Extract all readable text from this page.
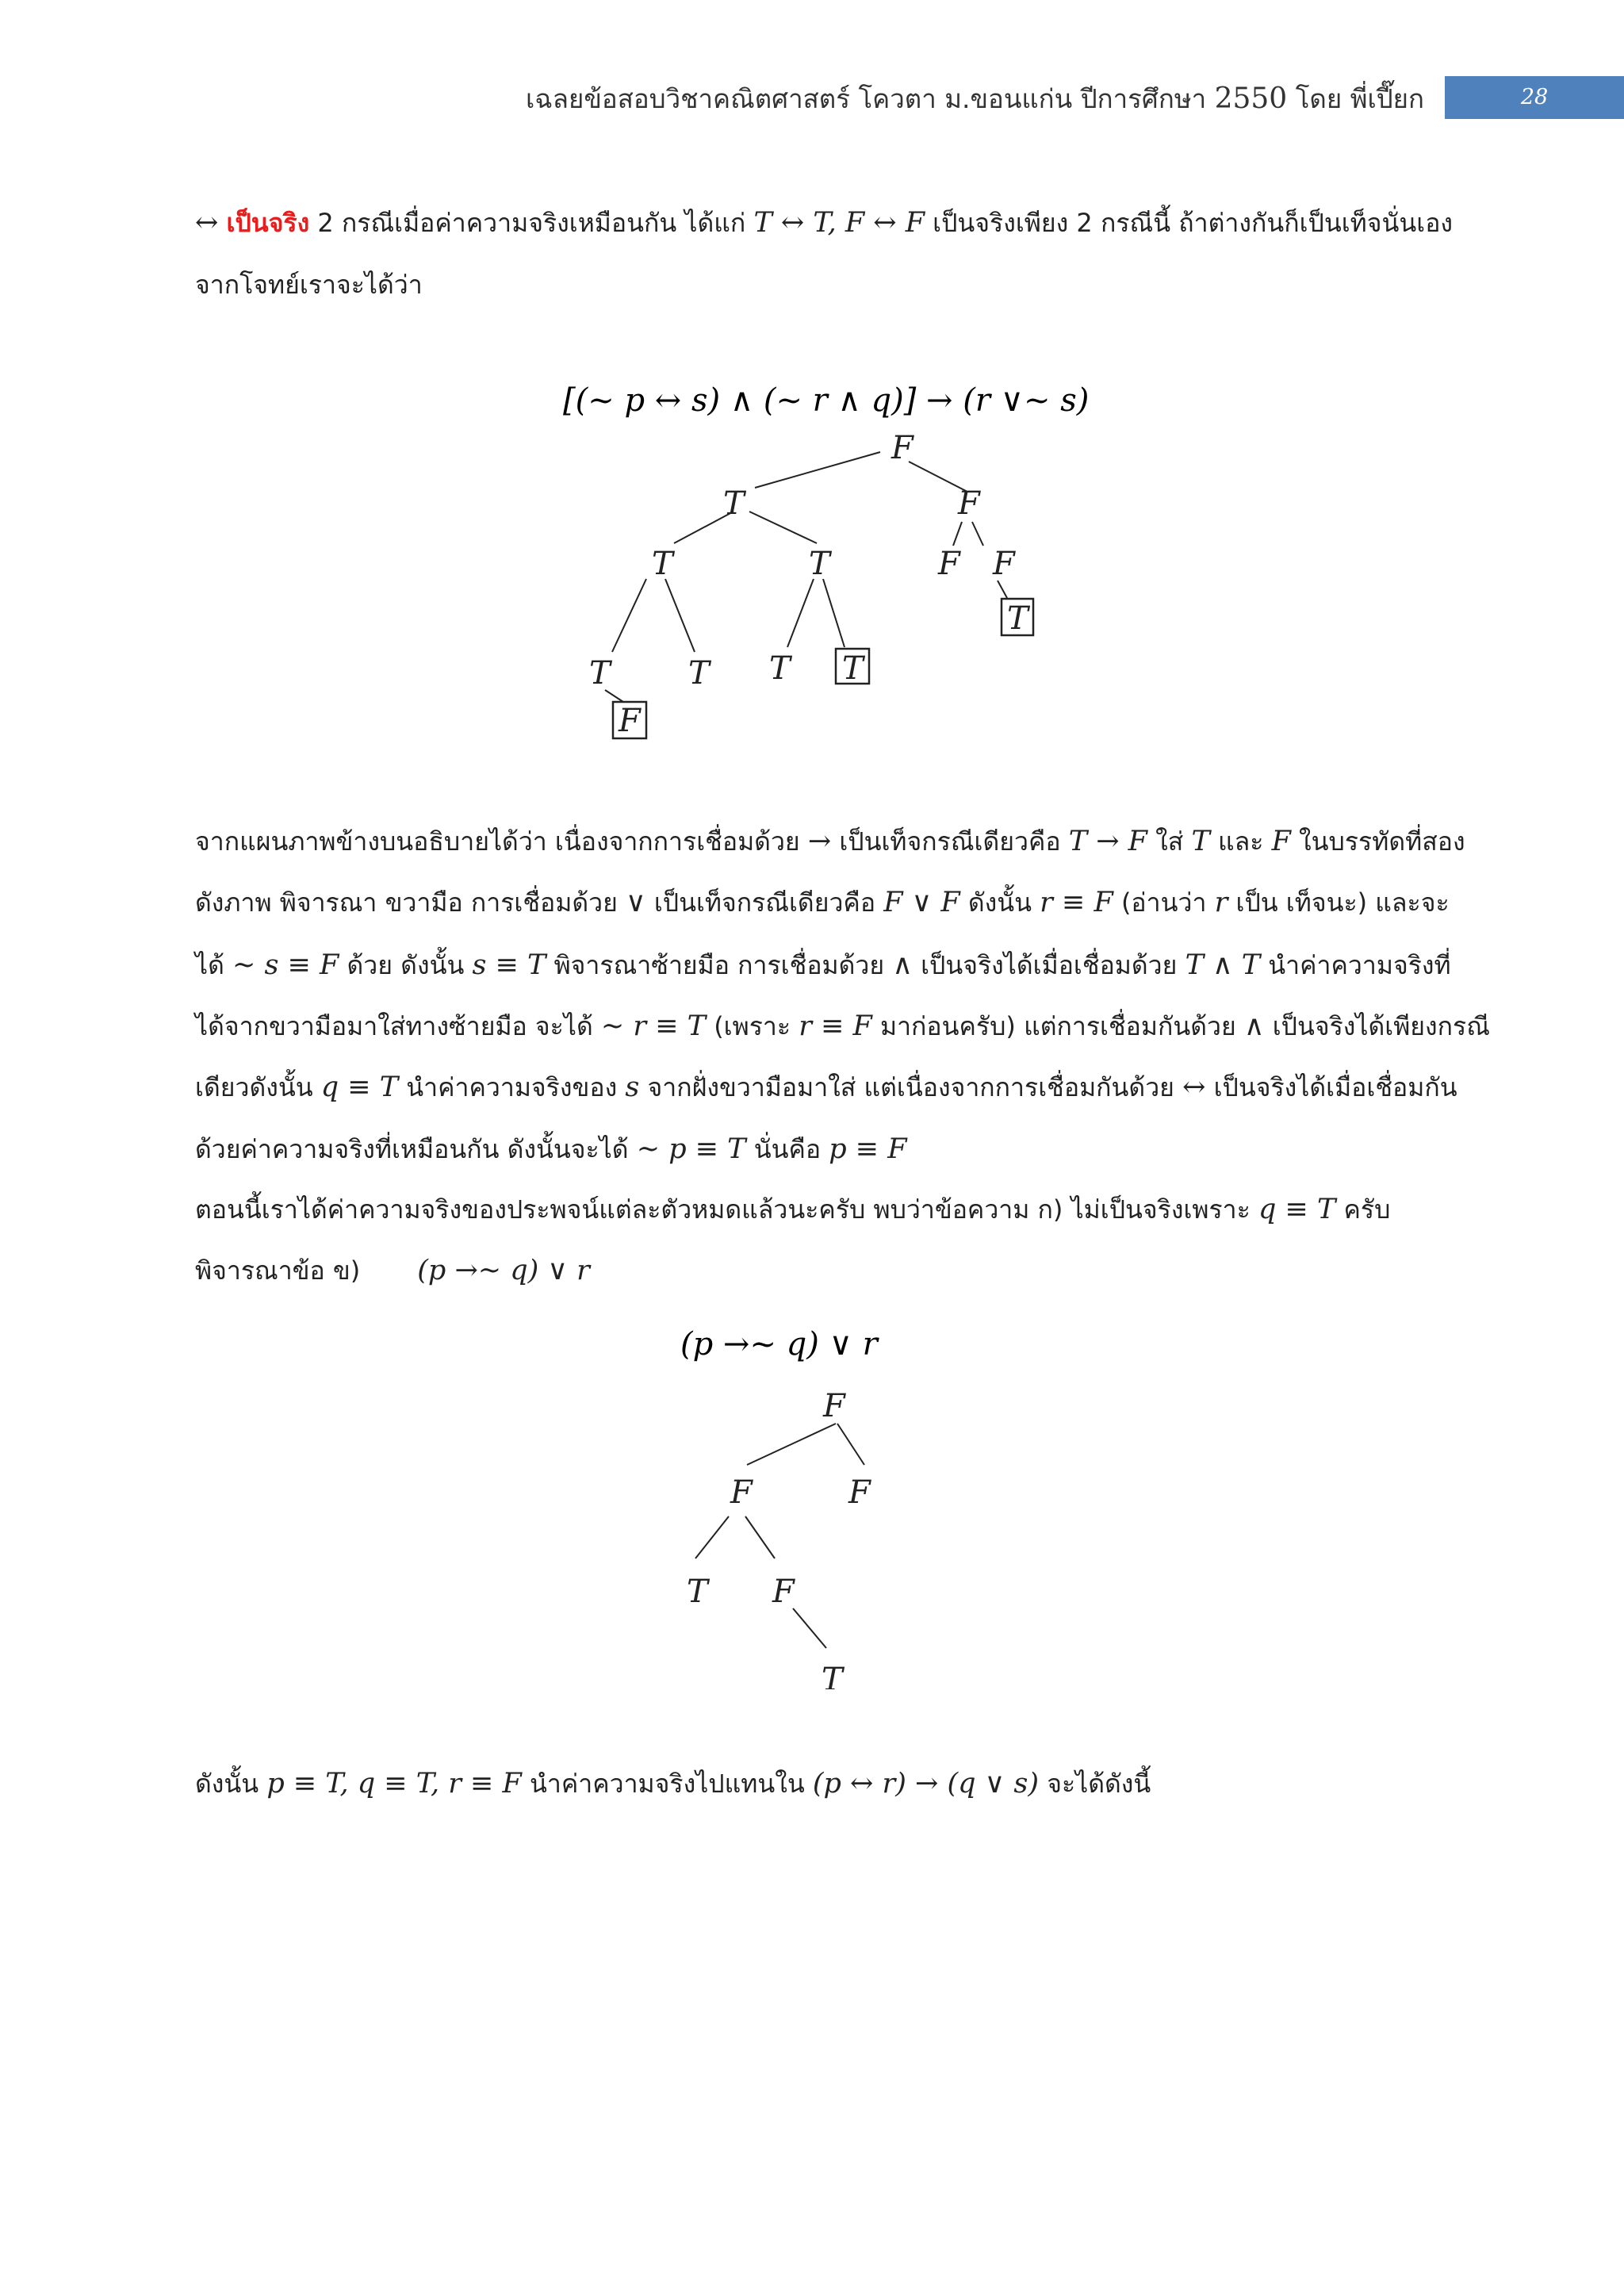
เฉลยข้อสอบวิชาคณิตศาสตร์ โควตา ม.ขอนแก่น ปีการศึกษา 2550 โดย พี่เปี๊ยก	28
↔ เป็นจริง 2 กรณีเมื่อค่าความจริงเหมือนกัน ได้แก่ T ↔ T, F ↔ F เป็นจริงเพียง 2 กรณีนี้ ถ้าต่างกันก็เป็นเท็จนั่นเอง
จากโจทย์เราจะได้ว่า
[(~ p ↔ s) ∧ (~ r ∧ q)] → (r ∨~ s)
F
T	F
T	T	F F
T
T T T T
F
จากแผนภาพข้างบนอธิบายได้ว่า เนื่องจากการเชื่อมด้วย → เป็นเท็จกรณีเดียวคือ T → F ใส่ T และ F ในบรรทัดที่สอง
ดังภาพ พิจารณา ขวามือ การเชื่อมด้วย ∨ เป็นเท็จกรณีเดียวคือ F ∨ F ดังนั้น r ≡ F (อ่านว่า r เป็น เท็จนะ) และจะ
ได้ ~ s ≡ F ด้วย ดังนั้น s ≡ T พิจารณาซ้ายมือ การเชื่อมด้วย ∧ เป็นจริงได้เมื่อเชื่อมด้วย T ∧ T นำค่าความจริงที่
ได้จากขวามือมาใส่ทางซ้ายมือ จะได้ ~ r ≡ T (เพราะ r ≡ F มาก่อนครับ) แต่การเชื่อมกันด้วย ∧ เป็นจริงได้เพียงกรณี
เดียวดังนั้น q ≡ T นำค่าความจริงของ s จากฝั่งขวามือมาใส่ แต่เนื่องจากการเชื่อมกันด้วย ↔ เป็นจริงได้เมื่อเชื่อมกัน
ด้วยค่าความจริงที่เหมือนกัน ดังนั้นจะได้ ~ p ≡ T นั่นคือ p ≡ F
ตอนนี้เราได้ค่าความจริงของประพจน์แต่ละตัวหมดแล้วนะครับ พบว่าข้อความ ก) ไม่เป็นจริงเพราะ q ≡ T ครับ
พิจารณาข้อ ข) (p →~ q) ∨ r
(p →~ q) ∨ r
F
F	F
T F
T
ดังนั้น p ≡ T, q ≡ T, r ≡ F นำค่าความจริงไปแทนใน (p ↔ r) → (q ∨ s) จะได้ดังนี้
